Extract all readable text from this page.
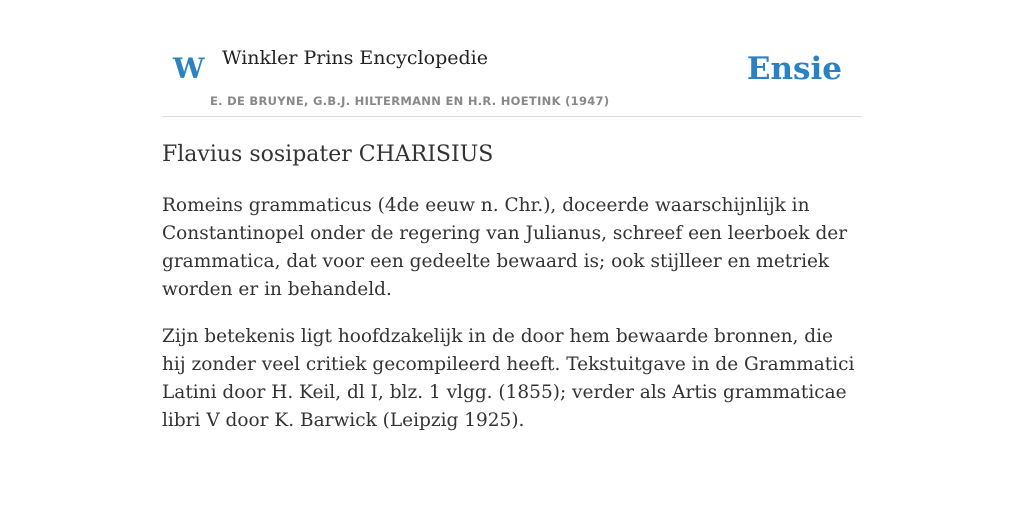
W Winkler Prins Encyclopedie
E. DE BRUYNE, G.B.J. HILTERMANN EN H.R. HOETINK (1947)
Ensie
Flavius sosipater CHARISIUS

Romeins grammaticus (4de eeuw n. Chr.), doceerde waarschijnlijk in Constantinopel onder de regering van Julianus, schreef een leerboek der grammatica, dat voor een gedeelte bewaard is; ook stijlleer en metriek worden er in behandeld.

Zijn betekenis ligt hoofdzakelijk in de door hem bewaarde bronnen, die hij zonder veel critiek gecompileerd heeft. Tekstuitgave in de Grammatici Latini door H. Keil, dl I, blz. 1 vlgg. (1855); verder als Artis grammaticae libri V door K. Barwick (Leipzig 1925).
